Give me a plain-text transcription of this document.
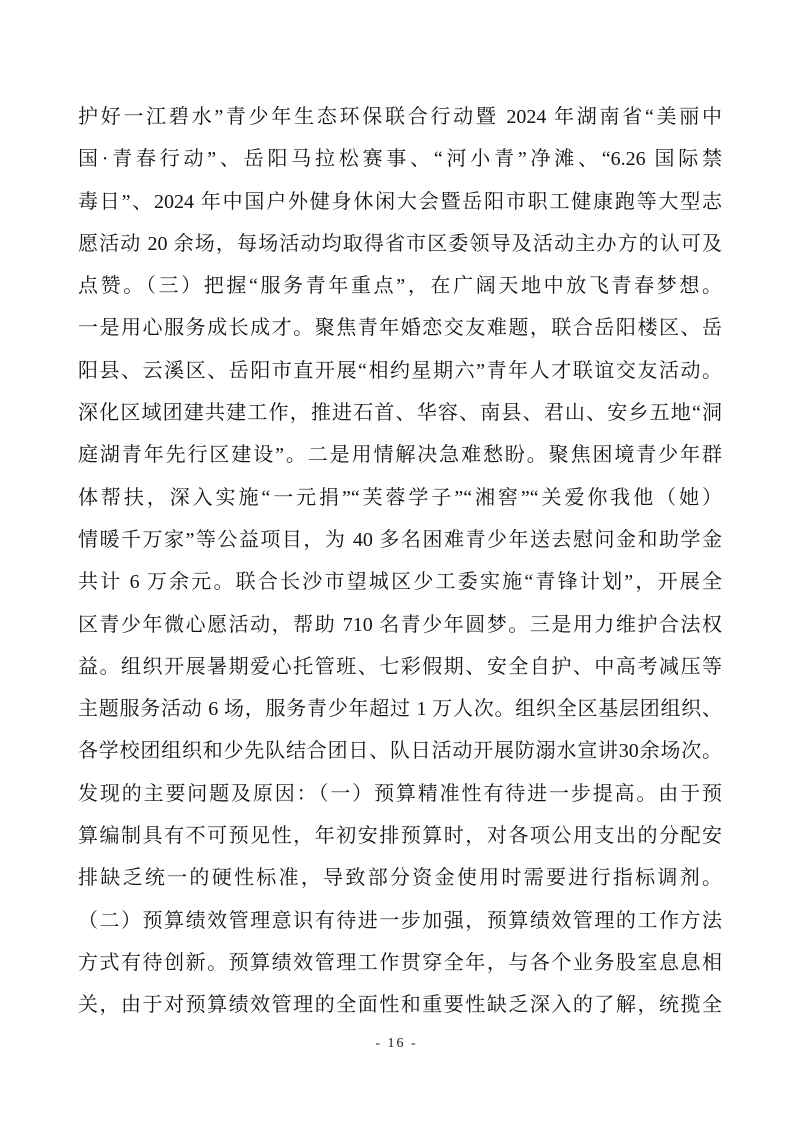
护好一江碧水”青少年生态环保联合行动暨 2024 年湖南省“美丽中
国·青春行动”、岳阳马拉松赛事、“河小青”净滩、“6.26 国际禁
毒日”、2024 年中国户外健身休闲大会暨岳阳市职工健康跑等大型志
愿活动 20 余场，每场活动均取得省市区委领导及活动主办方的认可及
点赞。（三）把握“服务青年重点”，在广阔天地中放飞青春梦想。
一是用心服务成长成才。聚焦青年婚恋交友难题，联合岳阳楼区、岳
阳县、云溪区、岳阳市直开展“相约星期六”青年人才联谊交友活动。
深化区域团建共建工作，推进石首、华容、南县、君山、安乡五地“洞
庭湖青年先行区建设”。二是用情解决急难愁盼。聚焦困境青少年群
体帮扶，深入实施“一元捐”“芙蓉学子”“湘窖”“关爱你我他（她）
情暖千万家”等公益项目，为 40 多名困难青少年送去慰问金和助学金
共计 6 万余元。联合长沙市望城区少工委实施“青锋计划”，开展全
区青少年微心愿活动，帮助 710 名青少年圆梦。三是用力维护合法权
益。组织开展暑期爱心托管班、七彩假期、安全自护、中高考减压等
主题服务活动 6 场，服务青少年超过 1 万人次。组织全区基层团组织、
各学校团组织和少先队结合团日、队日活动开展防溺水宣讲30余场次。
发现的主要问题及原因：（一）预算精准性有待进一步提高。由于预
算编制具有不可预见性，年初安排预算时，对各项公用支出的分配安
排缺乏统一的硬性标准，导致部分资金使用时需要进行指标调剂。
（二）预算绩效管理意识有待进一步加强，预算绩效管理的工作方法
方式有待创新。预算绩效管理工作贯穿全年，与各个业务股室息息相
关，由于对预算绩效管理的全面性和重要性缺乏深入的了解，统揽全
- 16 -
